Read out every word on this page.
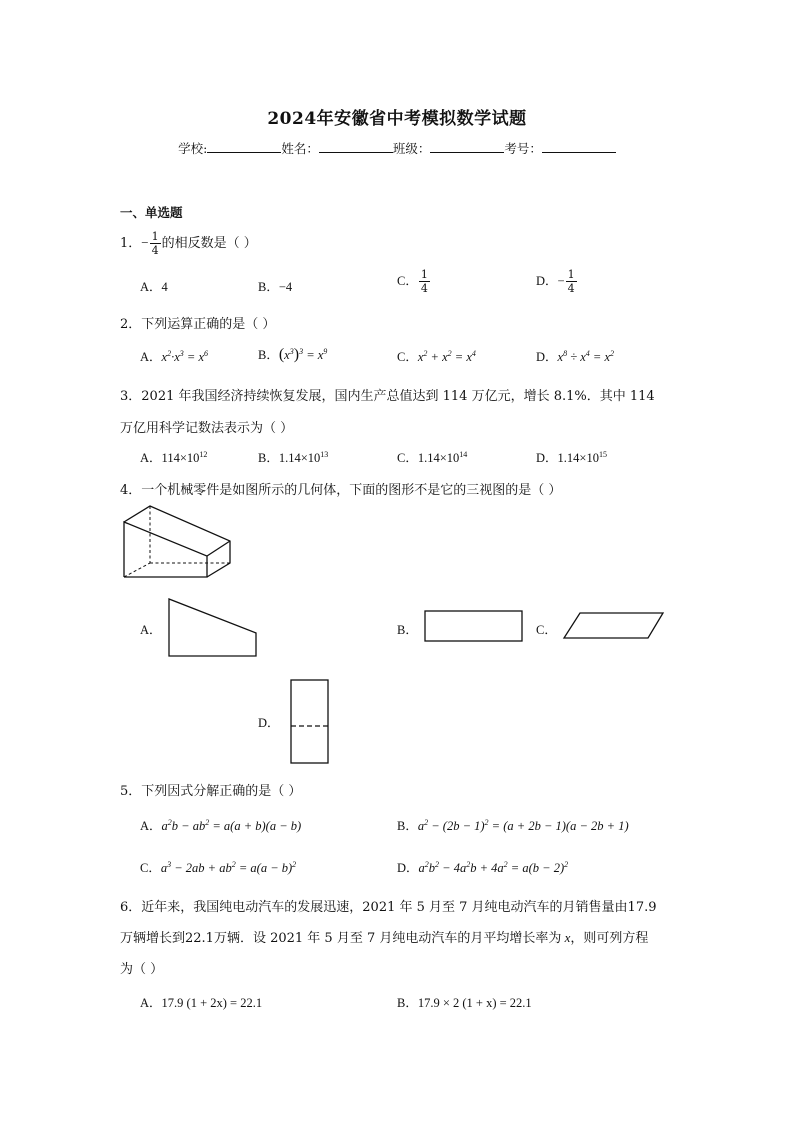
2024年安徽省中考模拟数学试题
学校:	姓名：	班级：	考号：
一、单选题
1．− $\frac{1}{4}$ 的相反数是（ ）
A．4	B．−4	C． $\frac{1}{4}$	D．− $\frac{1}{4}$
2．下列运算正确的是（ ）
A．$x^2\cdot x^3 = x^6$	B．$(x^3)^3 = x^9$	C．$x^2 + x^2 = x^4$	D．$x^8 \div x^4 = x^2$
3．2021 年我国经济持续恢复发展，国内生产总值达到 114 万亿元，增长 8.1%．其中 114
万亿用科学记数法表示为（ ）
A．$114\times 10^{12}$	B．$1.14\times 10^{13}$	C．$1.14\times 10^{14}$	D．$1.14\times 10^{15}$
4．一个机械零件是如图所示的几何体，下面的图形不是它的三视图的是（ ）
A．	B．	C．
D．
5．下列因式分解正确的是（ ）
A．$a^2b - ab^2 = a(a + b)(a - b)$	B．$a^2 - (2b - 1)^2 = (a + 2b - 1)(a - 2b + 1)$
C．$a^3 - 2ab + ab^2 = a(a - b)^2$	D．$a^2b^2 - 4a^2b + 4a^2 = a(b - 2)^2$
6．近年来，我国纯电动汽车的发展迅速，2021 年 5 月至 7 月纯电动汽车的月销售量由17.9
万辆增长到22.1万辆．设 2021 年 5 月至 7 月纯电动汽车的月平均增长率为 x，则可列方程
为（ ）
A．17.9 (1 + 2x) = 22.1	B．17.9 × 2 (1 + x) = 22.1
